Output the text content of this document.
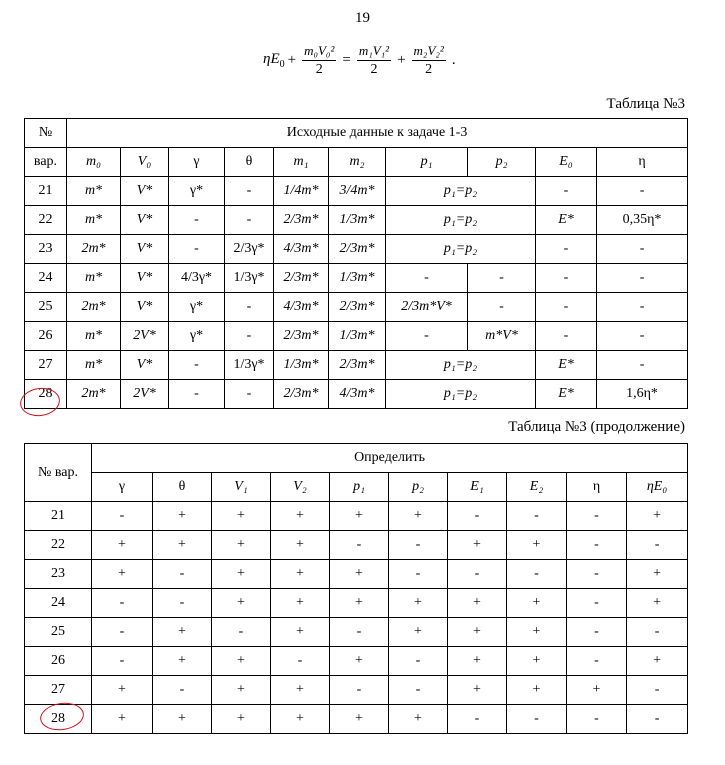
19
$\eta E_0 + \frac{\text{m₀V₀²}}{2} = \frac{\text{m₁V₁²}}{2} + \frac{\text{m₂V₂²}}{2}$ .
Таблица №3
№	Исходные данные к задаче 1-3									
вар.	m₀	V₀	γ	θ	m₁	m₂	p₁	p₂	E₀	η
21	m*	V*	γ*	-	1/4m*	3/4m*	p₁=p₂		-	-
22	m*	V*	-	-	2/3m*	1/3m*	p₁=p₂		E*	0,35η*
23	2m*	V*	-	2/3γ*	4/3m*	2/3m*	p₁=p₂		-	-
24	m*	V*	4/3γ*	1/3γ*	2/3m*	1/3m*	-	-	-	-
25	2m*	V*	γ*	-	4/3m*	2/3m*	2/3m*V*	-	-	-
26	m*	2V*	γ*	-	2/3m*	1/3m*	-	m*V*	-	-
27	m*	V*	-	1/3γ*	1/3m*	2/3m*	p₁=p₂		E*	-
28	2m*	2V*	-	-	2/3m*	4/3m*	p₁=p₂		E*	1,6η*
Таблица №3 (продолжение)
№ вар.	Определить									
	γ	θ	V₁	V₂	p₁	p₂	E₁	E₂	η	ηE₀
21	-	+	+	+	+	+	-	-	-	+
22	+	+	+	+	-	-	+	+	-	-
23	+	-	+	+	+	-	-	-	-	+
24	-	-	+	+	+	+	+	+	-	+
25	-	+	-	+	-	+	+	+	-	-
26	-	+	+	-	+	-	+	+	-	+
27	+	-	+	+	-	-	+	+	+	-
28	+	+	+	+	+	+	-	-	-	-
